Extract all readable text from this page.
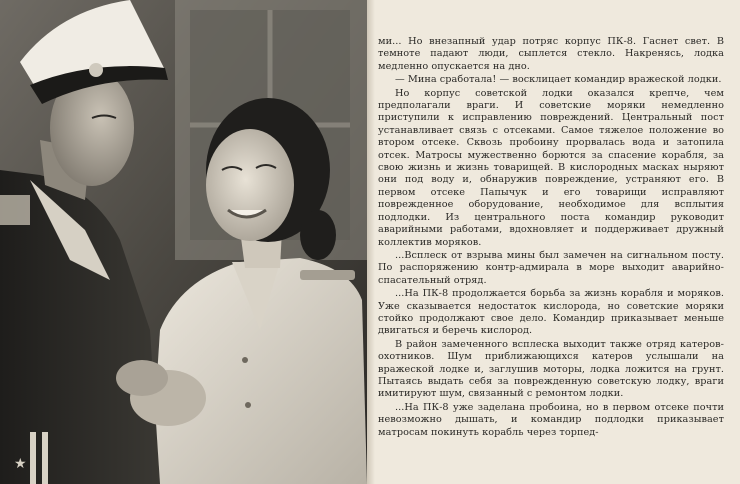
★

ми... Но внезапный удар потряс корпус ПК-8. Гаснет свет. В темноте падают люди, сыплется стекло. Накренясь, лодка медленно опускается на дно.

— Мина сработала! — восклицает командир вражеской лодки.

Но корпус советской лодки оказался крепче, чем предполагали враги. И советские моряки немедленно приступили к исправлению повреждений. Центральный пост устанавливает связь с отсеками. Самое тяжелое положение во втором отсеке. Сквозь пробоину прорвалась вода и затопила отсек. Матросы мужественно борются за спасение корабля, за свою жизнь и жизнь товарищей. В кислородных масках ныряют они под воду и, обнаружив повреждение, устраняют его. В первом отсеке Папычук и его товарищи исправляют поврежденное оборудование, необходимое для всплытия подлодки. Из центрального поста командир руководит аварийными работами, вдохновляет и поддерживает дружный коллектив моряков.

...Всплеск от взрыва мины был замечен на сигнальном посту. По распоряжению контр-адмирала в море выходит аварийно-спасательный отряд.

...На ПК-8 продолжается борьба за жизнь корабля и моряков. Уже сказывается недостаток кислорода, но советские моряки стойко продолжают свое дело. Командир приказывает меньше двигаться и беречь кислород.

В район замеченного всплеска выходит также отряд катеров-охотников. Шум приближающихся катеров услышали на вражеской лодке и, заглушив моторы, лодка ложится на грунт. Пытаясь выдать себя за поврежденную советскую лодку, враги имитируют шум, связанный с ремонтом лодки.

...На ПК-8 уже заделана пробоина, но в первом отсеке почти невозможно дышать, и командир подлодки приказывает матросам покинуть корабль через торпед-
